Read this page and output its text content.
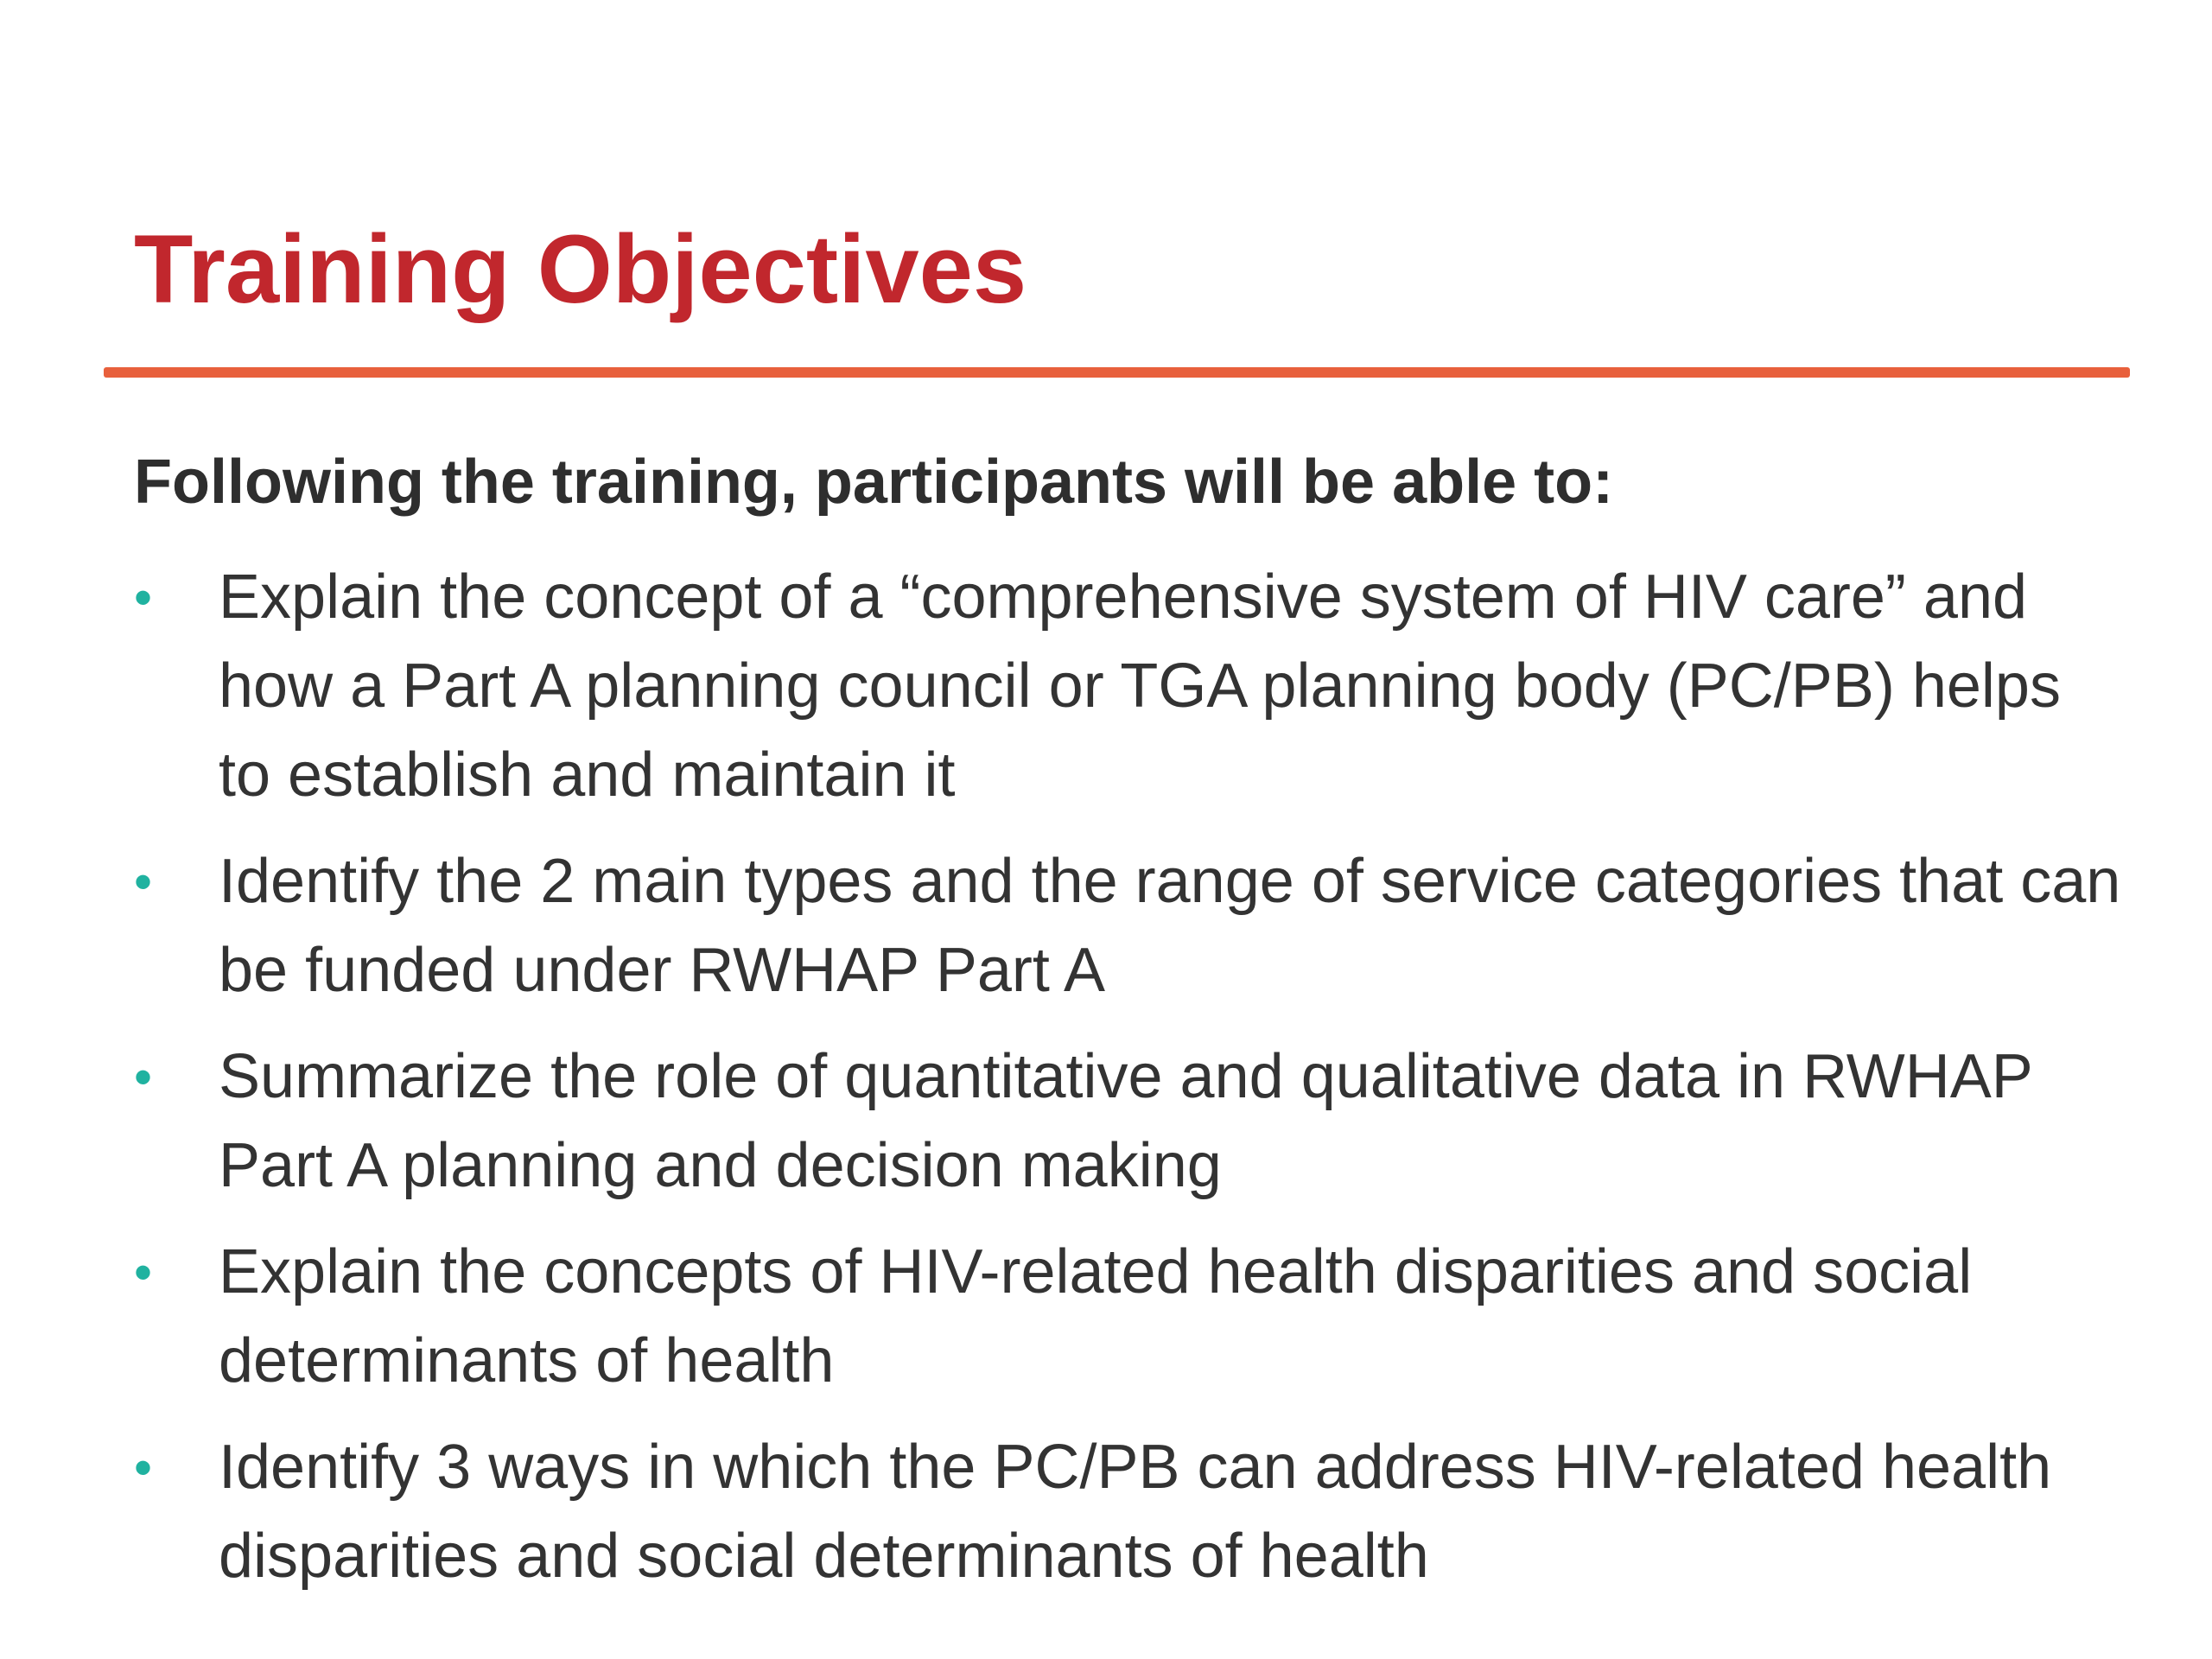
Training Objectives

Following the training, participants will be able to:

•	Explain the concept of a “comprehensive system of HIV care” and how a Part A planning council or TGA planning body (PC/PB) helps to establish and maintain it
•	Identify the 2 main types and the range of service categories that can be funded under RWHAP Part A
•	Summarize the role of quantitative and qualitative data in RWHAP Part A planning and decision making
•	Explain the concepts of HIV-related health disparities and social determinants of health
•	Identify 3 ways in which the PC/PB can address HIV-related health disparities and social determinants of health
